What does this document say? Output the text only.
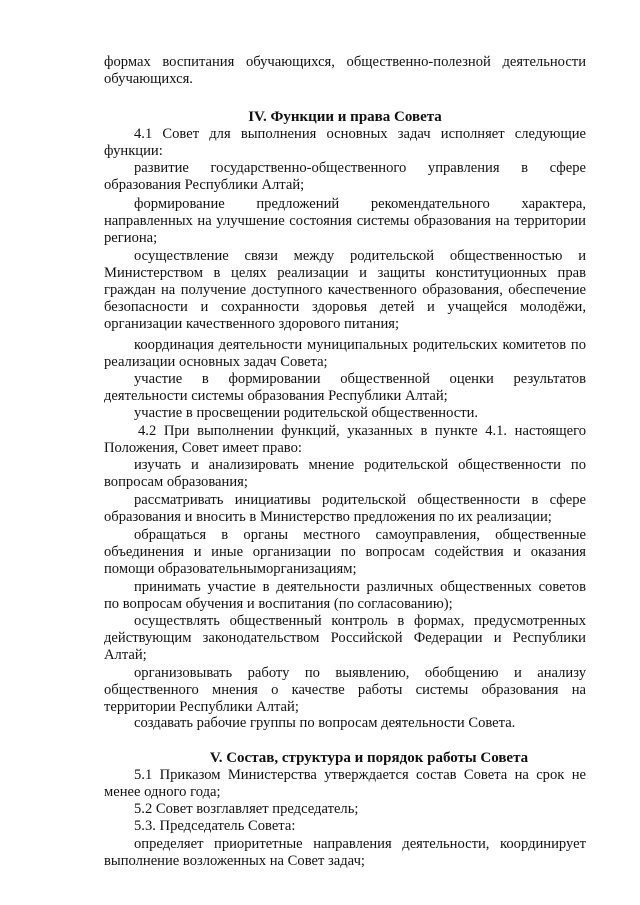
формах воспитания обучающихся, общественно-полезной деятельности обучающихся.
IV. Функции и права Совета
4.1 Совет для выполнения основных задач исполняет следующие функции:
развитие государственно-общественного управления в сфере образования Республики Алтай;
формирование предложений рекомендательного характера, направленных на улучшение состояния системы образования на территории региона;
осуществление связи между родительской общественностью и Министерством в целях реализации и защиты конституционных прав граждан на получение доступного качественного образования, обеспечение безопасности и сохранности здоровья детей и учащейся молодёжи, организации качественного здорового питания;
координация деятельности муниципальных родительских комитетов по реализации основных задач Совета;
участие в формировании общественной оценки результатов деятельности системы образования Республики Алтай;
участие в просвещении родительской общественности.
4.2 При выполнении функций, указанных в пункте 4.1. настоящего Положения, Совет имеет право:
изучать и анализировать мнение родительской общественности по вопросам образования;
рассматривать инициативы родительской общественности в сфере образования и вносить в Министерство предложения по их реализации;
обращаться в органы местного самоуправления, общественные объединения и иные организации по вопросам содействия и оказания помощи образовательныморганизациям;
принимать участие в деятельности различных общественных советов по вопросам обучения и воспитания (по согласованию);
осуществлять общественный контроль в формах, предусмотренных действующим законодательством Российской Федерации и Республики Алтай;
организовывать работу по выявлению, обобщению и анализу общественного мнения о качестве работы системы образования на территории Республики Алтай;
создавать рабочие группы по вопросам деятельности Совета.
V. Состав, структура и порядок работы Совета
5.1 Приказом Министерства утверждается состав Совета на срок не менее одного года;
5.2 Совет возглавляет председатель;
5.3. Председатель Совета:
определяет приоритетные направления деятельности, координирует выполнение возложенных на Совет задач;
